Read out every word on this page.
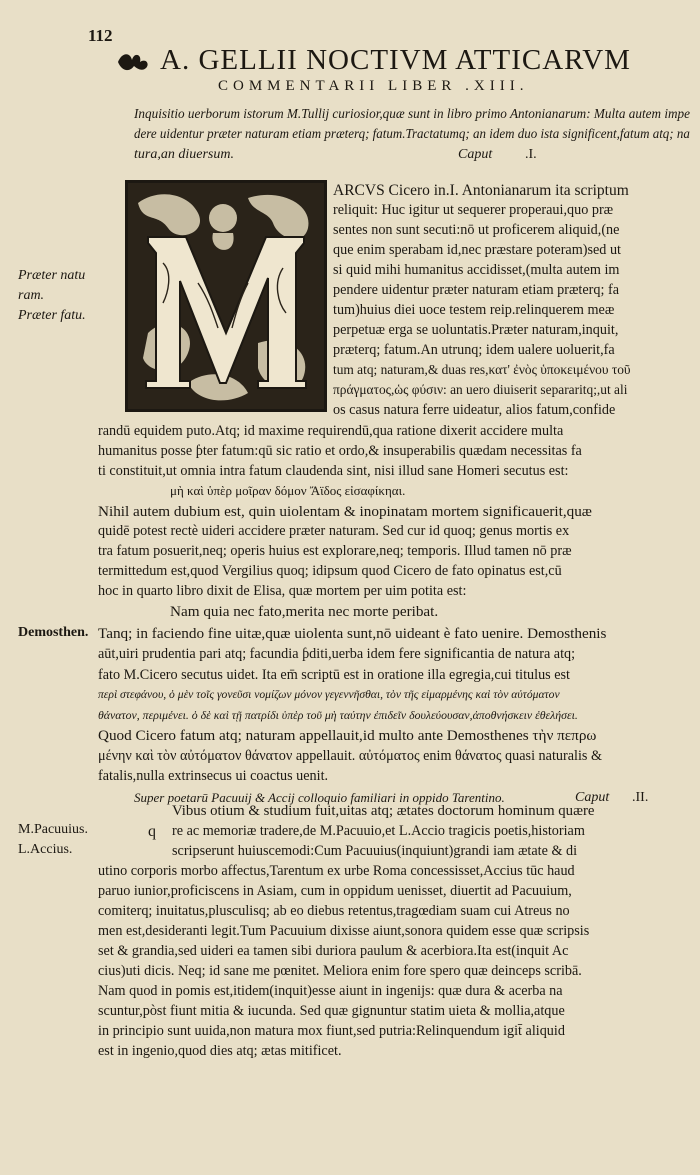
112
A. GELLII NOCTIVM ATTICARVM
COMMENTARII LIBER .XIII.
Inquisitio uerborum istorum M.Tullij curiosior,quæ sunt in libro primo Antonianarum: Multa autem impe
dere uidentur præter naturam etiam præterq; fatum.Tractatumq; an idem duo ista significent,fatum atq; na
tura,an diuersum.	Caput .I.
Præter natu
ram.
Præter fatu.
ARCVS Cicero in.I. Antonianarum ita scriptum
reliquit: Huc igitur ut sequerer properaui,quo præ
sentes non sunt secuti:nō ut proficerem aliquid,(ne
que enim sperabam id,nec præstare poteram)sed ut
si quid mihi humanitus accidisset,(multa autem im
pendere uidentur præter naturam etiam præterq; fa
tum)huius diei uoce testem reip.relinquerem meæ
perpetuæ erga se uoluntatis.Præter naturam,inquit,
præterq; fatum.An utrunq; idem ualere uoluerit,fa
tum atq; naturam,& duas res,κατ' ἐνὸς ὑποκειμένου τοῦ
πράγματος,ὡς φύσιν: an uero diuiserit separaritq;,ut ali
os casus natura ferre uideatur, alios fatum,confide
randū equidem puto.Atq; id maxime requirendū,qua ratione dixerit accidere multa
humanitus posse ƥter fatum:qū sic ratio et ordo,& insuperabilis quædam necessitas fa
ti constituit,ut omnia intra fatum claudenda sint, nisi illud sane Homeri secutus est:
μὴ καὶ ὑπὲρ μοῖραν δόμον Ἄϊδος εἰσαφίκηαι.
Nihil autem dubium est, quin uiolentam & inopinatam mortem significauerit,quæ
quidē potest rectè uideri accidere præter naturam. Sed cur id quoq; genus mortis ex
tra fatum posuerit,neq; operis huius est explorare,neq; temporis. Illud tamen nō præ
termittedum est,quod Vergilius quoq; idipsum quod Cicero de fato opinatus est,cū
hoc in quarto libro dixit de Elisa, quæ mortem per uim potita est:
Nam quia nec fato,merita nec morte peribat.
Demosthen. Tanq; in faciendo fine uitæ,quæ uiolenta sunt,nō uideant è fato uenire. Demosthenis
aūt,uiri prudentia pari atq; facundia ƥditi,uerba idem fere significantia de natura atq;
fato M.Cicero secutus uidet. Ita em̄ scriptū est in oratione illa egregia,cui titulus est
περὶ στεφάνου, ὁ μὲν τοῖς γονεῦσι νομίζων μόνον γεγεννῆσθαι, τὸν τῆς εἱμαρμένης καὶ τὸν αὐτόματον
θάνατον, περιμένει. ὁ δὲ καὶ τῇ πατρίδι ὑπὲρ τοῦ μὴ ταύτην ἐπιδεῖν δουλεύουσαν,ἀποθνήσκειν ἐθελήσει.
Quod Cicero fatum atq; naturam appellauit,id multo ante Demosthenes τὴν πεπρω
μένην καὶ τὸν αὐτόματον θάνατον appellauit. αὐτόματος enim θάνατος quasi naturalis &
fatalis,nulla extrinsecus ui coactus uenit.
Super poetarū Pacuuij & Accij colloquio familiari in oppido Tarentino.	Caput .II.
M.Pacuuius.
L.Accius.
q
Vibus otium & studium fuit,uitas atq; ætates doctorum hominum quære
re ac memoriæ tradere,de M.Pacuuio,et L.Accio tragicis poetis,historiam
scripserunt huiuscemodi:Cum Pacuuius(inquiunt)grandi iam ætate & di
utino corporis morbo affectus,Tarentum ex urbe Roma concessisset,Accius tūc haud
paruo iunior,proficiscens in Asiam, cum in oppidum uenisset, diuertit ad Pacuuium,
comiterq; inuitatus,plusculisq; ab eo diebus retentus,tragœdiam suam cui Atreus no
men est,desideranti legit.Tum Pacuuium dixisse aiunt,sonora quidem esse quæ scripsis
set & grandia,sed uideri ea tamen sibi duriora paulum & acerbiora.Ita est(inquit Ac
cius)uti dicis. Neq; id sane me pœnitet. Meliora enim fore spero quæ deinceps scribā.
Nam quod in pomis est,itidem(inquit)esse aiunt in ingenijs: quæ dura & acerba na
scuntur,pòst fiunt mitia & iucunda. Sed quæ gignuntur statim uieta & mollia,atque
in principio sunt uuida,non matura mox fiunt,sed putria:Relinquendum igit̄ aliquid
est in ingenio,quod dies atq; ætas mitificet.
